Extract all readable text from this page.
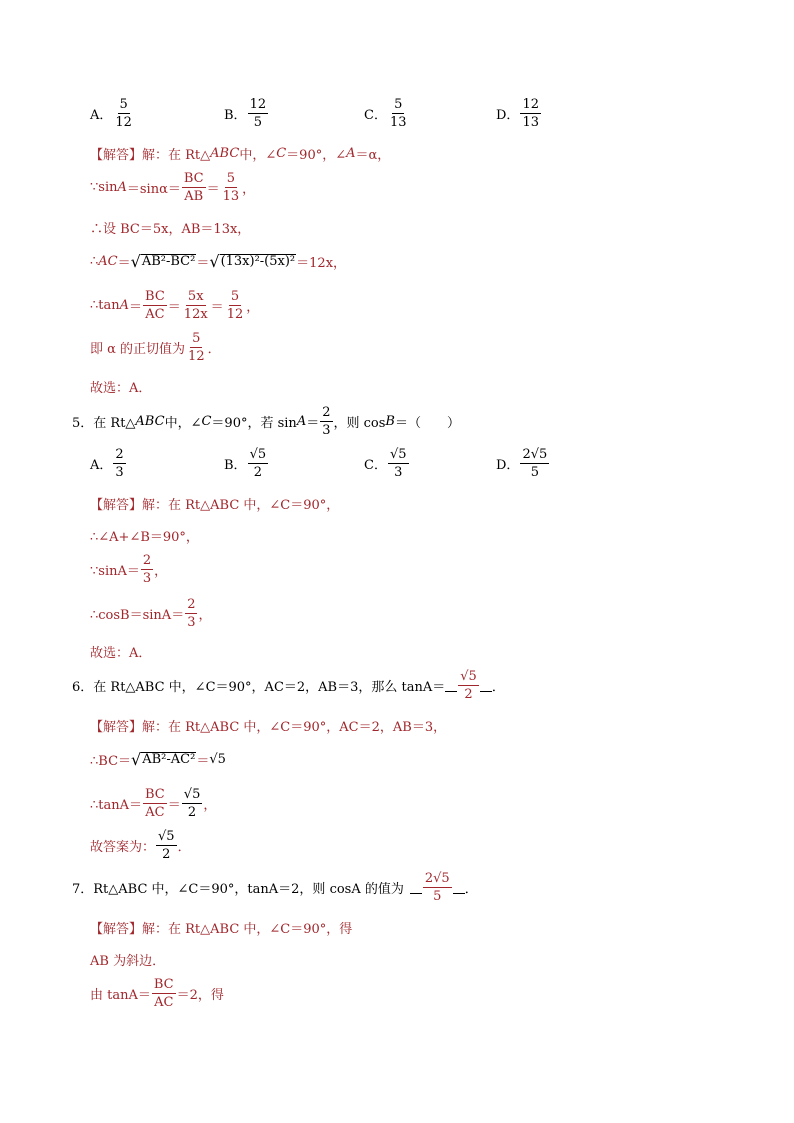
A． $\frac{5}{12}$	B． $\frac{12}{5}$	C． $\frac{5}{13}$	D． $\frac{12}{13}$
【解答】 解：在 Rt△ ABC 中，∠ C ＝90°，∠ A ＝α，
∵sin $A =\sin\alpha= \frac{BC}{AB} = \frac{5}{13}$ ，
∴设 BC＝5x，AB＝13x，
∴ AC ＝ √ AB²-BC² ＝ √ (13x)²-(5x)² ＝12x，
∴tan $A = \frac{BC}{AC} = \frac{5x}{12x} = \frac{5}{12}$ ，
即 α 的正切值为 $\frac{5}{12}$ ．
故选：A．
5．在 Rt△ ABC 中，∠ C ＝90°，若 $\sin A = \frac{2}{3}$ ，则 cos B ＝（　　）
A． $\frac{2}{3}$	B． $\frac{√5}{2}$	C． $\frac{√5}{3}$	D． $\frac{2√5}{5}$
【解答】解：在 Rt△ABC 中，∠C＝90°，
∴∠A+∠B＝90°，
∵sinA＝ $\frac{2}{3}$ ，
∴cosB＝sinA＝ $\frac{2}{3}$ ，
故选：A．
6．在 Rt△ABC 中，∠C＝90°，AC＝2，AB＝3，那么 $\tan A= \frac{√5}{2}$ ．
【解答】解：在 Rt△ABC 中，∠C＝90°，AC＝2，AB＝3，
∴BC＝ √ AB²-AC² ＝ √5
∴tanA＝ $\frac{BC}{AC} = \frac{√5}{2}$ ，
故答案为： $\frac{√5}{2}$ ．
7．Rt△ABC 中，∠C＝90°，tanA＝2，则 cosA 的值为 $\frac{2√5}{5}$ ．
【解答】解：在 Rt△ABC 中，∠C＝90°，得
AB 为斜边．
由 $\tan A= \frac{BC}{AC} =2$，得
